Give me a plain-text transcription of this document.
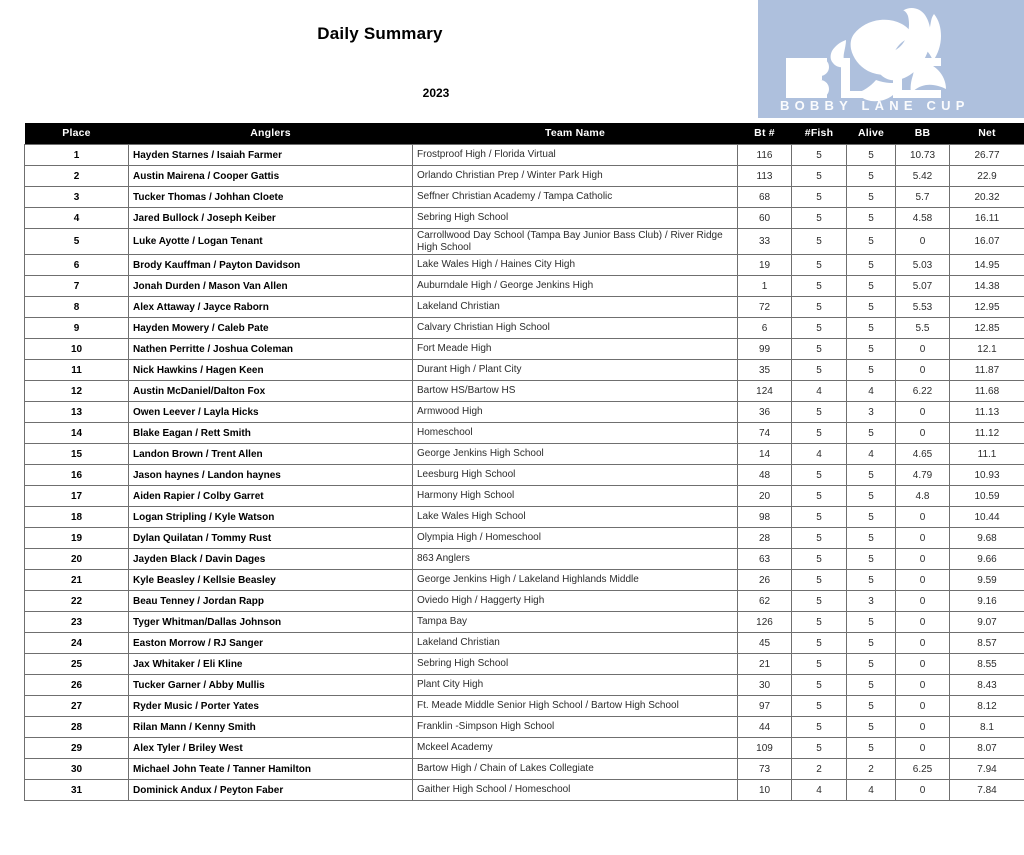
Daily Summary
2023
BOBBY LANE CUP
Place	Anglers	Team Name	Bt #	#Fish	Alive	BB	Net
1	Hayden Starnes / Isaiah Farmer	Frostproof High / Florida Virtual	116	5	5	10.73	26.77
2	Austin Mairena / Cooper Gattis	Orlando Christian Prep / Winter Park High	113	5	5	5.42	22.9
3	Tucker Thomas / Johhan Cloete	Seffner Christian Academy / Tampa Catholic	68	5	5	5.7	20.32
4	Jared Bullock / Joseph Keiber	Sebring High School	60	5	5	4.58	16.11
5	Luke Ayotte / Logan Tenant	Carrollwood Day School (Tampa Bay Junior Bass Club) / River Ridge High School	33	5	5	0	16.07
6	Brody Kauffman / Payton Davidson	Lake Wales High / Haines City High	19	5	5	5.03	14.95
7	Jonah Durden / Mason Van Allen	Auburndale High / George Jenkins High	1	5	5	5.07	14.38
8	Alex Attaway / Jayce Raborn	Lakeland Christian	72	5	5	5.53	12.95
9	Hayden Mowery / Caleb Pate	Calvary Christian High School	6	5	5	5.5	12.85
10	Nathen Perritte / Joshua Coleman	Fort Meade High	99	5	5	0	12.1
11	Nick Hawkins / Hagen Keen	Durant High / Plant City	35	5	5	0	11.87
12	Austin McDaniel/Dalton Fox	Bartow HS/Bartow HS	124	4	4	6.22	11.68
13	Owen Leever / Layla Hicks	Armwood High	36	5	3	0	11.13
14	Blake Eagan / Rett Smith	Homeschool	74	5	5	0	11.12
15	Landon Brown / Trent Allen	George Jenkins High School	14	4	4	4.65	11.1
16	Jason haynes / Landon haynes	Leesburg High School	48	5	5	4.79	10.93
17	Aiden Rapier / Colby Garret	Harmony High School	20	5	5	4.8	10.59
18	Logan Stripling / Kyle Watson	Lake Wales High School	98	5	5	0	10.44
19	Dylan Quilatan / Tommy Rust	Olympia High / Homeschool	28	5	5	0	9.68
20	Jayden Black / Davin Dages	863 Anglers	63	5	5	0	9.66
21	Kyle Beasley / Kellsie Beasley	George Jenkins High / Lakeland Highlands Middle	26	5	5	0	9.59
22	Beau Tenney / Jordan Rapp	Oviedo High / Haggerty High	62	5	3	0	9.16
23	Tyger Whitman/Dallas Johnson	Tampa Bay	126	5	5	0	9.07
24	Easton Morrow / RJ Sanger	Lakeland Christian	45	5	5	0	8.57
25	Jax Whitaker / Eli Kline	Sebring High School	21	5	5	0	8.55
26	Tucker Garner / Abby Mullis	Plant City High	30	5	5	0	8.43
27	Ryder Music / Porter Yates	Ft. Meade Middle Senior High School / Bartow High School	97	5	5	0	8.12
28	Rilan Mann / Kenny Smith	Franklin -Simpson High School	44	5	5	0	8.1
29	Alex Tyler / Briley West	Mckeel Academy	109	5	5	0	8.07
30	Michael John Teate / Tanner Hamilton	Bartow High / Chain of Lakes Collegiate	73	2	2	6.25	7.94
31	Dominick Andux / Peyton Faber	Gaither High School / Homeschool	10	4	4	0	7.84
